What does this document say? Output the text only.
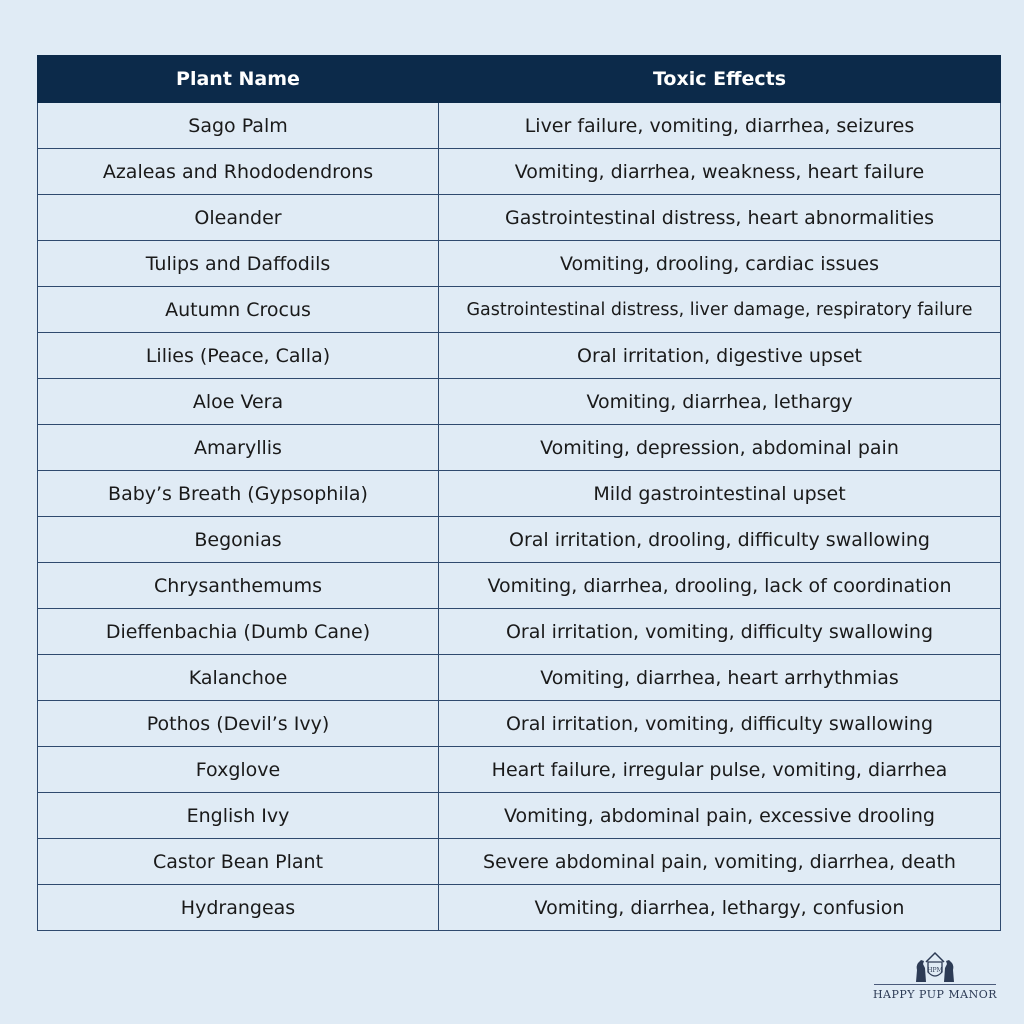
Plant Name	Toxic Effects
Sago Palm	Liver failure, vomiting, diarrhea, seizures
Azaleas and Rhododendrons	Vomiting, diarrhea, weakness, heart failure
Oleander	Gastrointestinal distress, heart abnormalities
Tulips and Daffodils	Vomiting, drooling, cardiac issues
Autumn Crocus	Gastrointestinal distress, liver damage, respiratory failure
Lilies (Peace, Calla)	Oral irritation, digestive upset
Aloe Vera	Vomiting, diarrhea, lethargy
Amaryllis	Vomiting, depression, abdominal pain
Baby’s Breath (Gypsophila)	Mild gastrointestinal upset
Begonias	Oral irritation, drooling, difficulty swallowing
Chrysanthemums	Vomiting, diarrhea, drooling, lack of coordination
Dieffenbachia (Dumb Cane)	Oral irritation, vomiting, difficulty swallowing
Kalanchoe	Vomiting, diarrhea, heart arrhythmias
Pothos (Devil’s Ivy)	Oral irritation, vomiting, difficulty swallowing
Foxglove	Heart failure, irregular pulse, vomiting, diarrhea
English Ivy	Vomiting, abdominal pain, excessive drooling
Castor Bean Plant	Severe abdominal pain, vomiting, diarrhea, death
Hydrangeas	Vomiting, diarrhea, lethargy, confusion
HPM
HAPPY PUP MANOR
